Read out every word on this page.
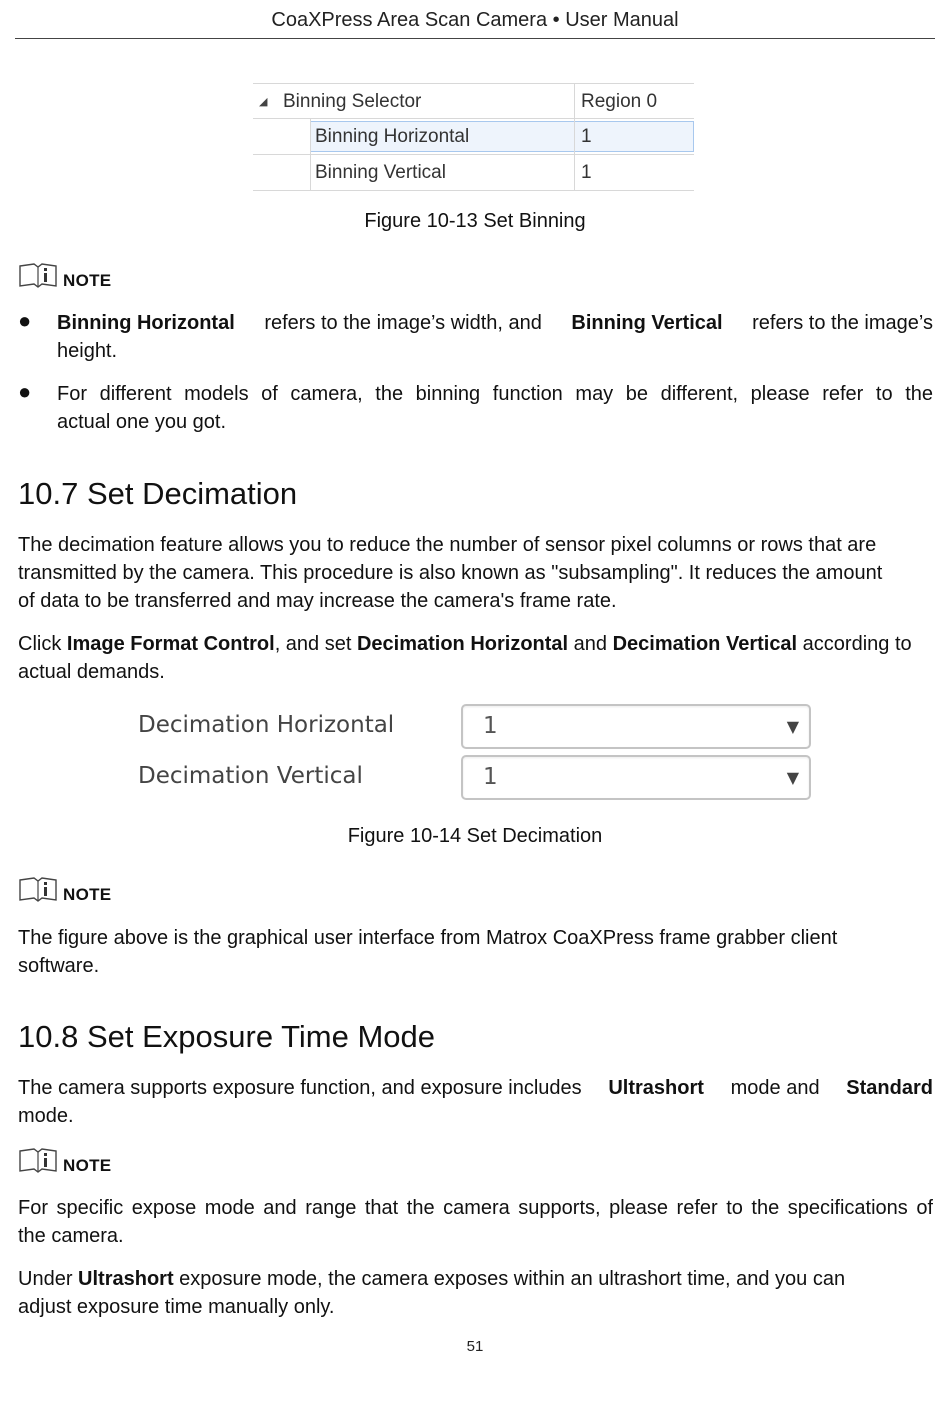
CoaXPress Area Scan Camera • User Manual
◢ Binning Selector	Region 0
Binning Horizontal	1
Binning Vertical	1
Figure 10-13 Set Binning
NOTE
● Binning Horizontal refers to the image’s width, and Binning Vertical refers to the image’s
height.
● For different models of camera, the binning function may be different, please refer to the
actual one you got.
10.7 Set Decimation
The decimation feature allows you to reduce the number of sensor pixel columns or rows that are
transmitted by the camera. This procedure is also known as "subsampling". It reduces the amount
of data to be transferred and may increase the camera's frame rate.
Click Image Format Control, and set Decimation Horizontal and Decimation Vertical according to
actual demands.
Decimation Horizontal	1	▼
Decimation Vertical	1	▼
Figure 10-14 Set Decimation
NOTE
The figure above is the graphical user interface from Matrox CoaXPress frame grabber client
software.
10.8 Set Exposure Time Mode
The camera supports exposure function, and exposure includes Ultrashort mode and Standard
mode.
NOTE
For specific expose mode and range that the camera supports, please refer to the specifications of
the camera.
Under Ultrashort exposure mode, the camera exposes within an ultrashort time, and you can
adjust exposure time manually only.
51
